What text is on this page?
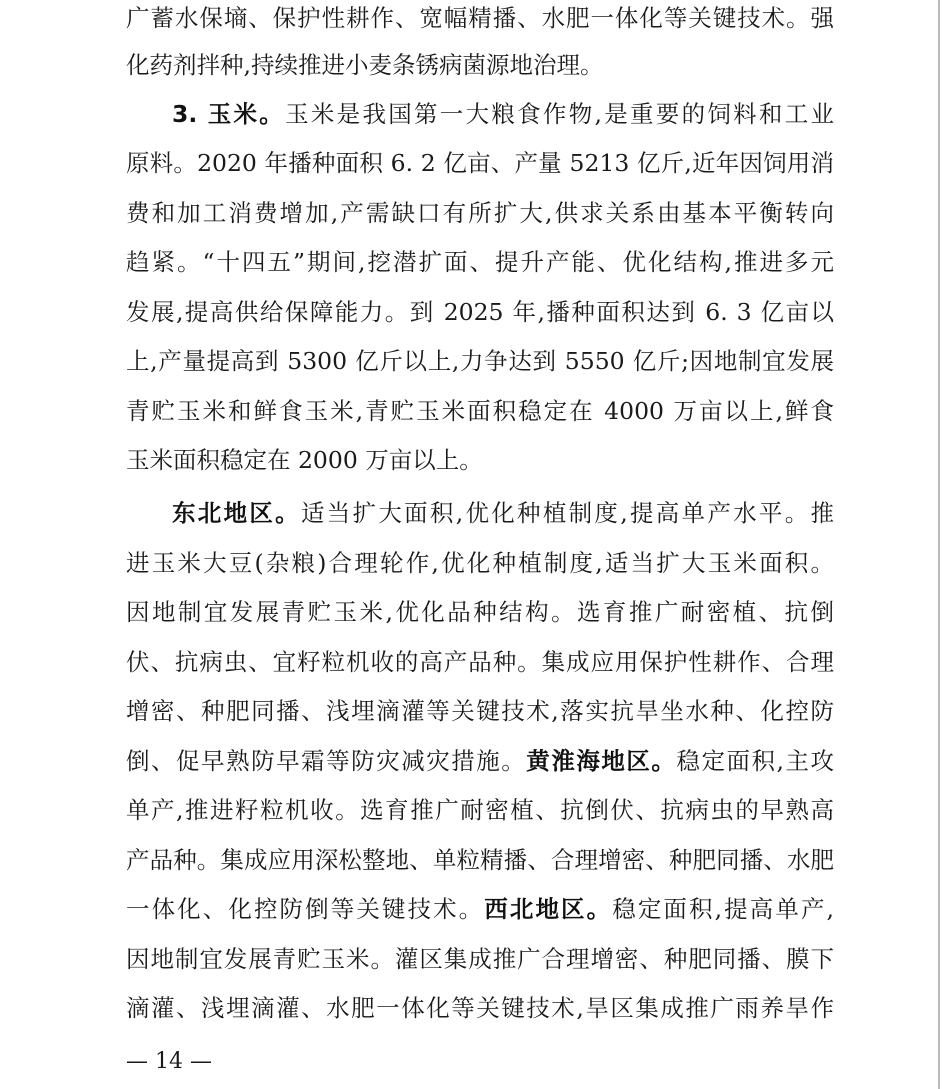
广蓄水保墒、保护性耕作、宽幅精播、水肥一体化等关键技术。强
化药剂拌种,持续推进小麦条锈病菌源地治理。
3. 玉米。玉米是我国第一大粮食作物,是重要的饲料和工业
原料。2020 年播种面积 6. 2 亿亩、产量 5213 亿斤,近年因饲用消
费和加工消费增加,产需缺口有所扩大,供求关系由基本平衡转向
趋紧。“十四五”期间,挖潜扩面、提升产能、优化结构,推进多元
发展,提高供给保障能力。到 2025 年,播种面积达到 6. 3 亿亩以
上,产量提高到 5300 亿斤以上,力争达到 5550 亿斤;因地制宜发展
青贮玉米和鲜食玉米,青贮玉米面积稳定在 4000 万亩以上,鲜食
玉米面积稳定在 2000 万亩以上。
东北地区。适当扩大面积,优化种植制度,提高单产水平。推
进玉米大豆(杂粮)合理轮作,优化种植制度,适当扩大玉米面积。
因地制宜发展青贮玉米,优化品种结构。选育推广耐密植、抗倒
伏、抗病虫、宜籽粒机收的高产品种。集成应用保护性耕作、合理
增密、种肥同播、浅埋滴灌等关键技术,落实抗旱坐水种、化控防
倒、促早熟防早霜等防灾减灾措施。黄淮海地区。稳定面积,主攻
单产,推进籽粒机收。选育推广耐密植、抗倒伏、抗病虫的早熟高
产品种。集成应用深松整地、单粒精播、合理增密、种肥同播、水肥
一体化、化控防倒等关键技术。西北地区。稳定面积,提高单产,
因地制宜发展青贮玉米。灌区集成推广合理增密、种肥同播、膜下
滴灌、浅埋滴灌、水肥一体化等关键技术,旱区集成推广雨养旱作
— 14 —
